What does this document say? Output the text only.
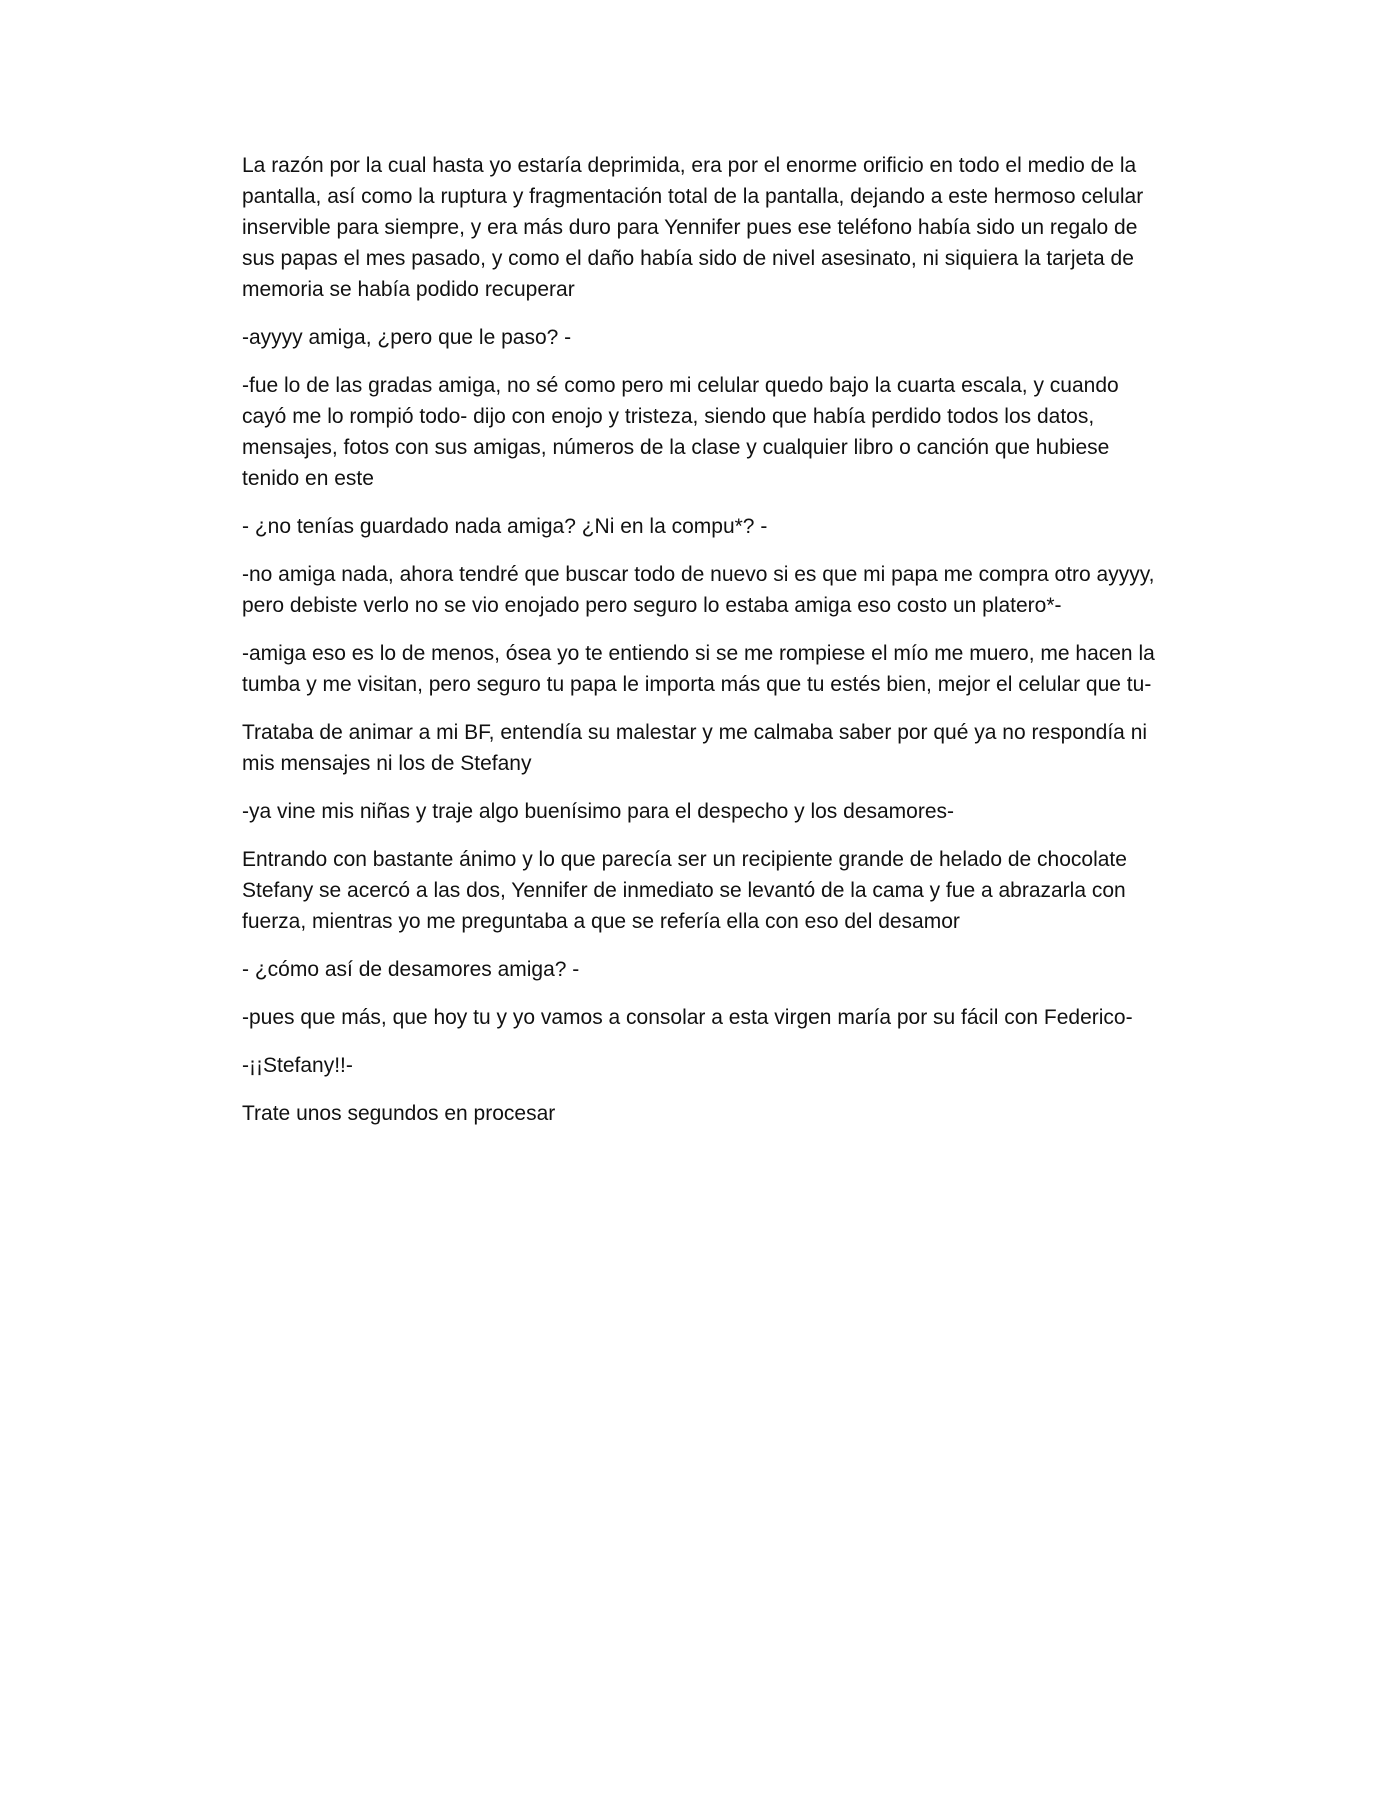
La razón por la cual hasta yo estaría deprimida, era por el enorme orificio en todo el medio de la pantalla, así como la ruptura y fragmentación total de la pantalla, dejando a este hermoso celular inservible para siempre, y era más duro para Yennifer pues ese teléfono había sido un regalo de sus papas el mes pasado, y como el daño había sido de nivel asesinato, ni siquiera la tarjeta de memoria se había podido recuperar

-ayyyy amiga, ¿pero que le paso? -

-fue lo de las gradas amiga, no sé como pero mi celular quedo bajo la cuarta escala, y cuando cayó me lo rompió todo- dijo con enojo y tristeza, siendo que había perdido todos los datos, mensajes, fotos con sus amigas, números de la clase y cualquier libro o canción que hubiese tenido en este

- ¿no tenías guardado nada amiga? ¿Ni en la compu*? -

-no amiga nada, ahora tendré que buscar todo de nuevo si es que mi papa me compra otro ayyyy, pero debiste verlo no se vio enojado pero seguro lo estaba amiga eso costo un platero*-

-amiga eso es lo de menos, ósea yo te entiendo si se me rompiese el mío me muero, me hacen la tumba y me visitan, pero seguro tu papa le importa más que tu estés bien, mejor el celular que tu-

Trataba de animar a mi BF, entendía su malestar y me calmaba saber por qué ya no respondía ni mis mensajes ni los de Stefany

-ya vine mis niñas y traje algo buenísimo para el despecho y los desamores-

Entrando con bastante ánimo y lo que parecía ser un recipiente grande de helado de chocolate Stefany se acercó a las dos, Yennifer de inmediato se levantó de la cama y fue a abrazarla con fuerza, mientras yo me preguntaba a que se refería ella con eso del desamor

- ¿cómo así de desamores amiga? -

-pues que más, que hoy tu y yo vamos a consolar a esta virgen maría por su fácil con Federico-

-¡¡Stefany!!-

Trate unos segundos en procesar
